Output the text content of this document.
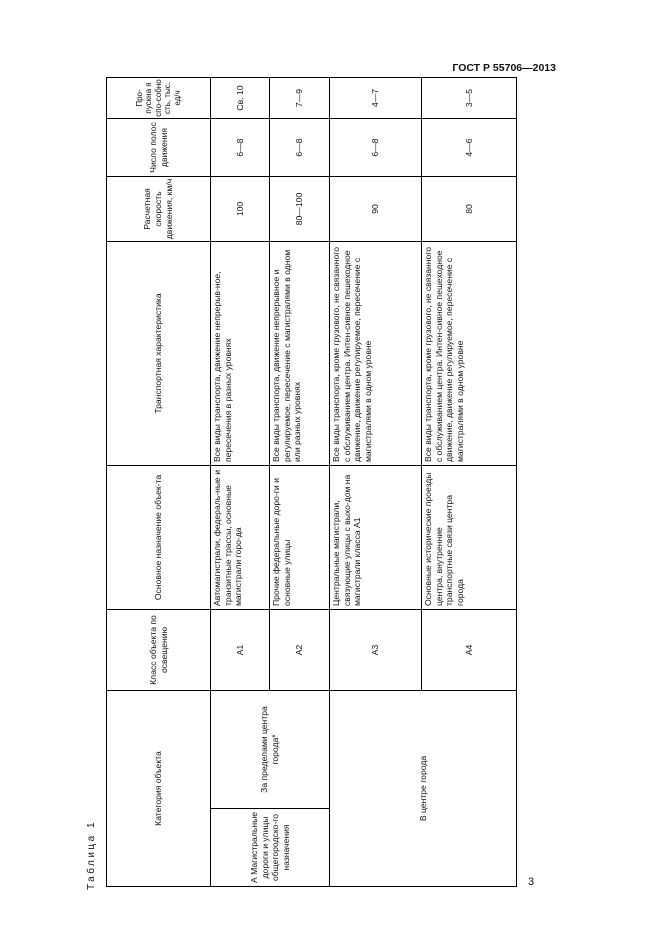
ГОСТ Р 55706—2013
Таблица 1
Про-пускна я спо-собно сть, тыс. ед/ч
Число полос движения
Расчетная скорость движения, км/ч
Транспортная характеристика
Основное назначение объек-та
Класс объекта по освещению
Категория объекта
А Магистральные дороги и улицы общегородско-го назначения
За пределами центра города*
В центре города
А1
Автомагистрали, федераль-ные и транзитные трассы, основные магистрали горо-да
Все виды транспорта, движение непрерыв-ное, пересечения в разных уровнях
100
6—8
Св. 10
А2
Прочие федеральные доро-ги и основные улицы
Все виды транспорта, движение непрерывное и регулируемое, пересечение с магистралями в одном или разных уровнях
80—100
6—8
7—9
А3
Центральные магистрали, связующие улицы с выхо-дом на магистрали класса А1
Все виды транспорта, кроме грузового, не связанного с обслуживанием центра. Интен-сивное пешеходное движение, движение регулируемое, пересечение с магистралями в одном уровне
90
6—8
4—7
А4
Основные исторические проезды центра, внутренние транспортные связи центра города
Все виды транспорта, кроме грузового, не связанного с обслуживанием центра. Интен-сивное пешеходное движение, движение регулируемое, пересечение с магистралями в одном уровне
80
4—6
3—5
3
